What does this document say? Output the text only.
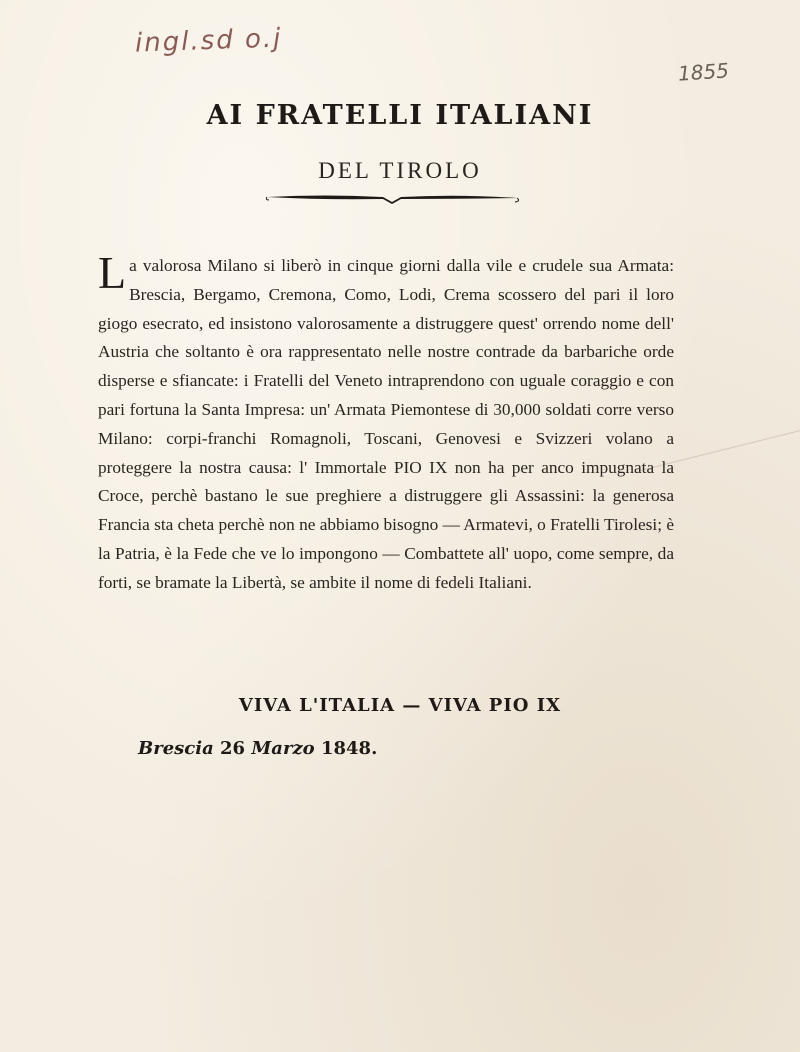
ingl.sd o.j
1855
AI FRATELLI ITALIANI
DEL TIROLO
La valorosa Milano si liberò in cinque giorni dalla vile e crudele sua Armata: Brescia, Bergamo, Cremona, Como, Lodi, Crema scossero del pari il loro giogo esecrato, ed insistono valorosamente a distruggere quest' orrendo nome dell' Austria che soltanto è ora rappresentato nelle nostre contrade da barbariche orde disperse e sfiancate: i Fratelli del Veneto intraprendono con uguale coraggio e con pari fortuna la Santa Impresa: un' Armata Piemontese di 30,000 soldati corre verso Milano: corpi-franchi Romagnoli, Toscani, Genovesi e Svizzeri volano a proteggere la nostra causa: l' Immortale PIO IX non ha per anco impugnata la Croce, perchè bastano le sue preghiere a distruggere gli Assassini: la generosa Francia sta cheta perchè non ne abbiamo bisogno — Armatevi, o Fratelli Tirolesi; è la Patria, è la Fede che ve lo impongono — Combattete all' uopo, come sempre, da forti, se bramate la Libertà, se ambite il nome di fedeli Italiani.
VIVA L'ITALIA — VIVA PIO IX
Brescia 26 Marzo 1848.
